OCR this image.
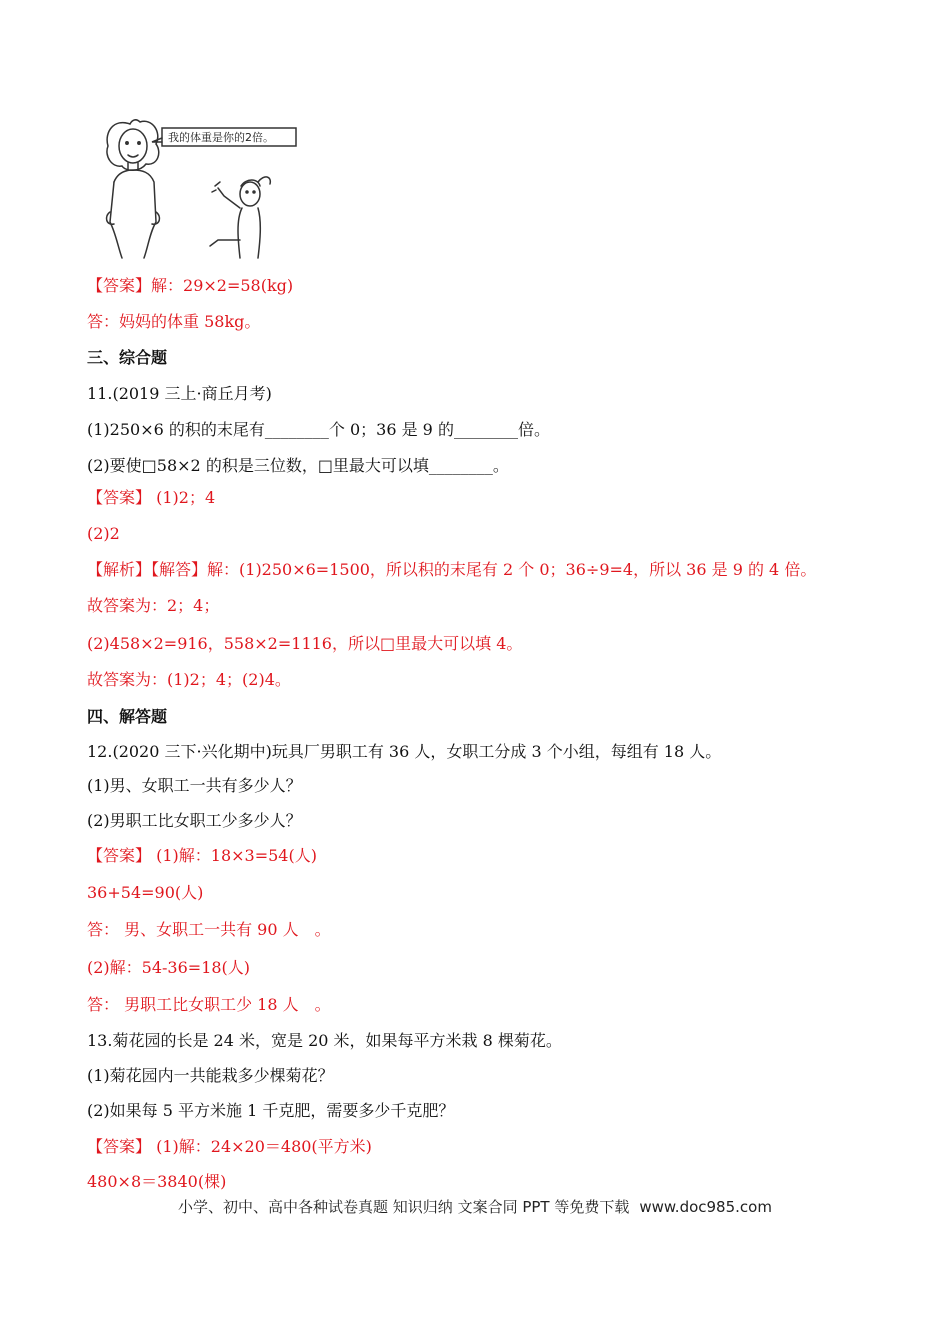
我的体重是你的2倍。
【答案】解：29×2=58(kg)
答：妈妈的体重 58kg。
三、综合题
11.(2019 三上·商丘月考)
(1)250×6 的积的末尾有________个 0；36 是 9 的________倍。
(2)要使□58×2 的积是三位数，□里最大可以填________。
【答案】 (1)2；4
(2)2
【解析】【解答】解：(1)250×6=1500，所以积的末尾有 2 个 0；36÷9=4，所以 36 是 9 的 4 倍。
故答案为：2；4；
(2)458×2=916，558×2=1116，所以□里最大可以填 4。
故答案为：(1)2；4；(2)4。
四、解答题
12.(2020 三下·兴化期中)玩具厂男职工有 36 人，女职工分成 3 个小组，每组有 18 人。
(1)男、女职工一共有多少人？
(2)男职工比女职工少多少人？
【答案】 (1)解：18×3=54(人)
36+54=90(人)
答： 男、女职工一共有 90 人　。
(2)解：54-36=18(人)
答： 男职工比女职工少 18 人　。
13.菊花园的长是 24 米，宽是 20 米，如果每平方米栽 8 棵菊花。
(1)菊花园内一共能栽多少棵菊花？
(2)如果每 5 平方米施 1 千克肥，需要多少千克肥？
【答案】 (1)解：24×20＝480(平方米)
480×8＝3840(棵)
小学、初中、高中各种试卷真题 知识归纳 文案合同 PPT 等免费下载 www.doc985.com
